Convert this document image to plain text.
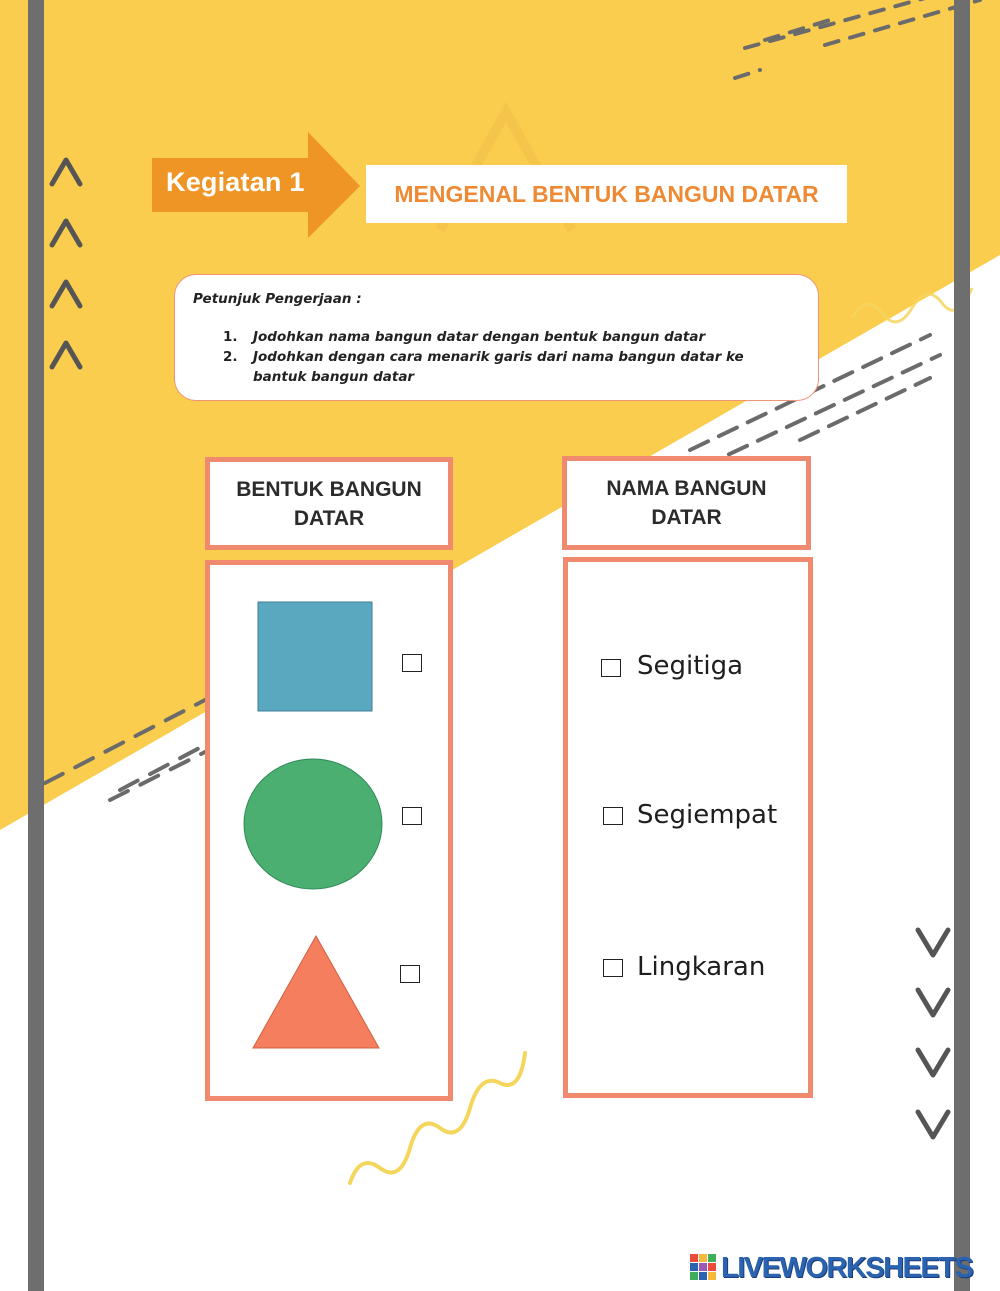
Kegiatan 1	MENGENAL BENTUK BANGUN DATAR
Petunjuk Pengerjaan :
1. Jodohkan nama bangun datar dengan bentuk bangun datar
2. Jodohkan dengan cara menarik garis dari nama bangun datar ke bantuk bangun datar
BENTUK BANGUN DATAR
NAMA BANGUN DATAR
Segitiga
Segiempat
Lingkaran
LIVEWORKSHEETS
